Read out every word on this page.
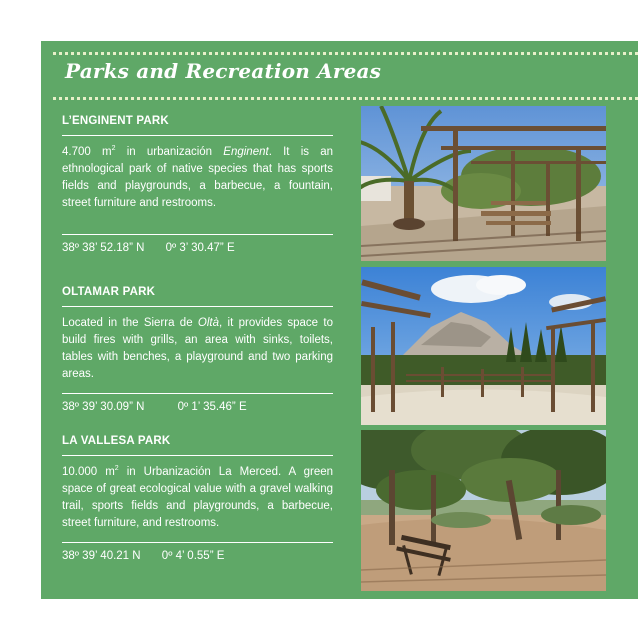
Parks and Recreation Areas
L’ENGINENT PARK
4.700 $m^2$ in urbanización Enginent. It is an ethnological park of native species that has sports fields and playgrounds, a barbecue, a fountain, street furniture and restrooms.
38º 38’ 52.18” N 0º 3’ 30.47” E
OLTAMAR PARK
Located in the Sierra de Oltà, it provides space to build fires with grills, an area with sinks, toilets, tables with benches, a playground and two parking areas.
38º 39’ 30.09” N	0º 1’ 35.46” E
LA VALLESA PARK
10.000 $m^2$ in Urbanización La Merced. A green space of great ecological value with a gravel walking trail, sports fields and playgrounds, a barbecue, street furniture, and restrooms.
38º 39’ 40.21 N 0º 4’ 0.55” E
